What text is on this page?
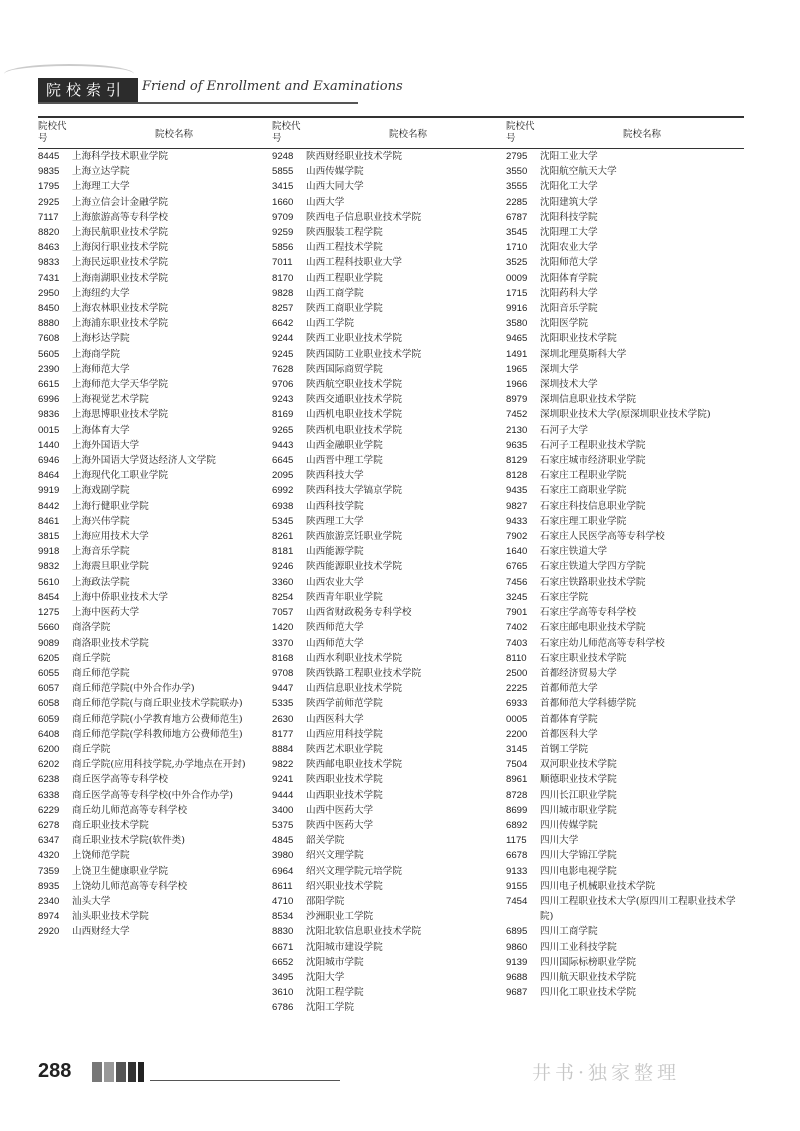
院校索引	Friend of Enrollment and Examinations
院校代号	院校名称
8445	上海科学技术职业学院
9835	上海立达学院
1795	上海理工大学
2925	上海立信会计金融学院
7117	上海旅游高等专科学校
8820	上海民航职业技术学院
8463	上海闵行职业技术学院
9833	上海民远职业技术学院
7431	上海南湖职业技术学院
2950	上海纽约大学
8450	上海农林职业技术学院
8880	上海浦东职业技术学院
7608	上海杉达学院
5605	上海商学院
2390	上海师范大学
6615	上海师范大学天华学院
6996	上海视觉艺术学院
9836	上海思博职业技术学院
0015	上海体育大学
1440	上海外国语大学
6946	上海外国语大学贤达经济人文学院
8464	上海现代化工职业学院
9919	上海戏剧学院
8442	上海行健职业学院
8461	上海兴伟学院
3815	上海应用技术大学
9918	上海音乐学院
9832	上海震旦职业学院
5610	上海政法学院
8454	上海中侨职业技术大学
1275	上海中医药大学
5660	商洛学院
9089	商洛职业技术学院
6205	商丘学院
6055	商丘师范学院
6057	商丘师范学院(中外合作办学)
6058	商丘师范学院(与商丘职业技术学院联办)
6059	商丘师范学院(小学教育地方公费师范生)
6408	商丘师范学院(学科教师地方公费师范生)
6200	商丘学院
6202	商丘学院(应用科技学院,办学地点在开封)
6238	商丘医学高等专科学校
6338	商丘医学高等专科学校(中外合作办学)
6229	商丘幼儿师范高等专科学校
6278	商丘职业技术学院
6347	商丘职业技术学院(软件类)
4320	上饶师范学院
7359	上饶卫生健康职业学院
8935	上饶幼儿师范高等专科学校
2340	汕头大学
8974	汕头职业技术学院
2920	山西财经大学
院校代号	院校名称
9248	陕西财经职业技术学院
5855	山西传媒学院
3415	山西大同大学
1660	山西大学
9709	陕西电子信息职业技术学院
9259	陕西服装工程学院
5856	山西工程技术学院
7011	山西工程科技职业大学
8170	山西工程职业学院
9828	山西工商学院
8257	陕西工商职业学院
6642	山西工学院
9244	陕西工业职业技术学院
9245	陕西国防工业职业技术学院
7628	陕西国际商贸学院
9706	陕西航空职业技术学院
9243	陕西交通职业技术学院
8169	山西机电职业技术学院
9265	陕西机电职业技术学院
9443	山西金融职业学院
6645	山西晋中理工学院
2095	陕西科技大学
6992	陕西科技大学镐京学院
6938	山西科技学院
5345	陕西理工大学
8261	陕西旅游烹饪职业学院
8181	山西能源学院
9246	陕西能源职业技术学院
3360	山西农业大学
8254	陕西青年职业学院
7057	山西省财政税务专科学校
1420	陕西师范大学
3370	山西师范大学
8168	山西水利职业技术学院
9708	陕西铁路工程职业技术学院
9447	山西信息职业技术学院
5335	陕西学前师范学院
2630	山西医科大学
8177	山西应用科技学院
8884	陕西艺术职业学院
9822	陕西邮电职业技术学院
9241	陕西职业技术学院
9444	山西职业技术学院
3400	山西中医药大学
5375	陕西中医药大学
4845	韶关学院
3980	绍兴文理学院
6964	绍兴文理学院元培学院
8611	绍兴职业技术学院
4710	邵阳学院
8534	沙洲职业工学院
8830	沈阳北软信息职业技术学院
6671	沈阳城市建设学院
6652	沈阳城市学院
3495	沈阳大学
3610	沈阳工程学院
6786	沈阳工学院
院校代号	院校名称
2795	沈阳工业大学
3550	沈阳航空航天大学
3555	沈阳化工大学
2285	沈阳建筑大学
6787	沈阳科技学院
3545	沈阳理工大学
1710	沈阳农业大学
3525	沈阳师范大学
0009	沈阳体育学院
1715	沈阳药科大学
9916	沈阳音乐学院
3580	沈阳医学院
9465	沈阳职业技术学院
1491	深圳北理莫斯科大学
1965	深圳大学
1966	深圳技术大学
8979	深圳信息职业技术学院
7452	深圳职业技术大学(原深圳职业技术学院)
2130	石河子大学
9635	石河子工程职业技术学院
8129	石家庄城市经济职业学院
8128	石家庄工程职业学院
9435	石家庄工商职业学院
9827	石家庄科技信息职业学院
9433	石家庄理工职业学院
7902	石家庄人民医学高等专科学校
1640	石家庄铁道大学
6765	石家庄铁道大学四方学院
7456	石家庄铁路职业技术学院
3245	石家庄学院
7901	石家庄学高等专科学校
7402	石家庄邮电职业技术学院
7403	石家庄幼儿师范高等专科学校
8110	石家庄职业技术学院
2500	首都经济贸易大学
2225	首都师范大学
6933	首都师范大学科德学院
0005	首都体育学院
2200	首都医科大学
3145	首钢工学院
7504	双河职业技术学院
8961	顺德职业技术学院
8728	四川长江职业学院
8699	四川城市职业学院
6892	四川传媒学院
1175	四川大学
6678	四川大学锦江学院
9133	四川电影电视学院
9155	四川电子机械职业技术学院
7454	四川工程职业技术大学(原四川工程职业技术学院)
6895	四川工商学院
9860	四川工业科技学院
9139	四川国际标榜职业学院
9688	四川航天职业技术学院
9687	四川化工职业技术学院
288	井书·独家整理
